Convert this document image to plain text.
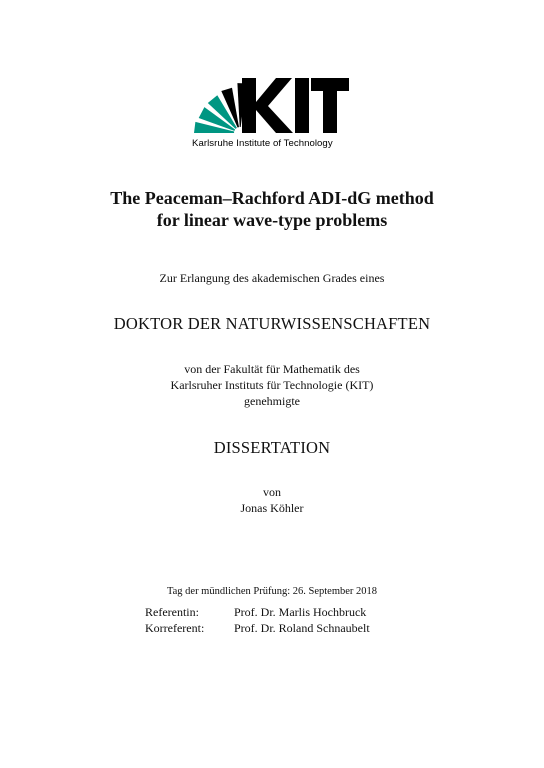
Karlsruhe Institute of Technology
The Peaceman–Rachford ADI-dG method
for linear wave-type problems
Zur Erlangung des akademischen Grades eines
DOKTOR DER NATURWISSENSCHAFTEN
von der Fakultät für Mathematik des
Karlsruher Instituts für Technologie (KIT)
genehmigte
DISSERTATION
von
Jonas Köhler
Tag der mündlichen Prüfung: 26. September 2018
Referentin:	Prof. Dr. Marlis Hochbruck
Korreferent: Prof. Dr. Roland Schnaubelt
